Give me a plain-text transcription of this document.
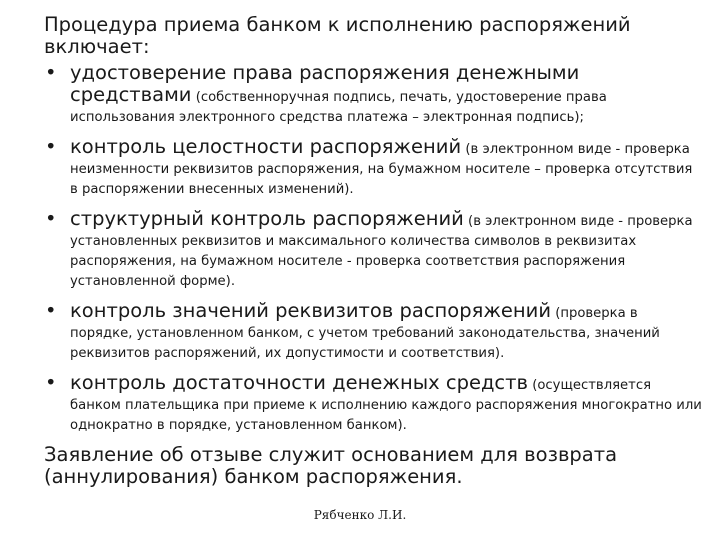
Процедура приема банком к исполнению распоряжений включает:

• удостоверение права распоряжения денежными средствами (собственноручная подпись, печать, удостоверение права использования электронного средства платежа – электронная подпись);
• контроль целостности распоряжений (в электронном виде - проверка неизменности реквизитов распоряжения, на бумажном носителе – проверка отсутствия в распоряжении внесенных изменений).
• структурный контроль распоряжений (в электронном виде - проверка установленных реквизитов и максимального количества символов в реквизитах распоряжения, на бумажном носителе - проверка соответствия распоряжения установленной форме).
• контроль значений реквизитов распоряжений (проверка в порядке, установленном банком, с учетом требований законодательства, значений реквизитов распоряжений, их допустимости и соответствия).
• контроль достаточности денежных средств (осуществляется банком плательщика при приеме к исполнению каждого распоряжения многократно или однократно в порядке, установленном банком).

Заявление об отзыве служит основанием для возврата (аннулирования) банком распоряжения.

Рябченко Л.И.
